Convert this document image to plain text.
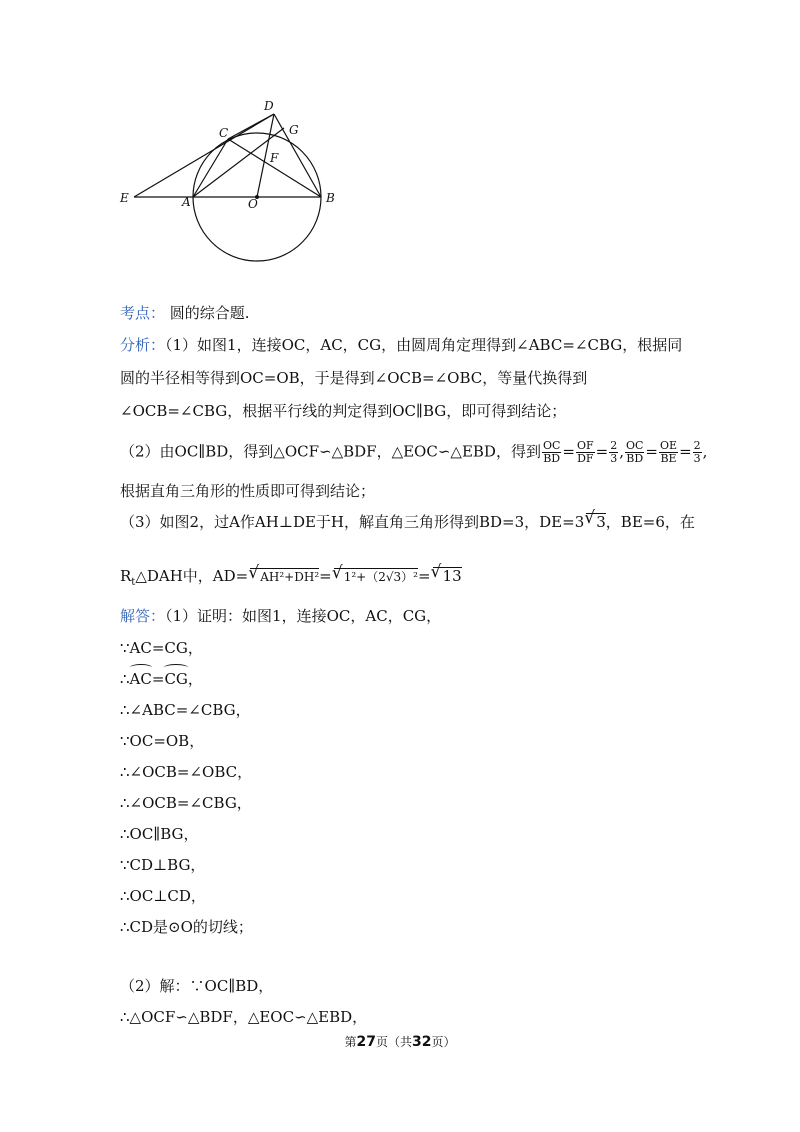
D
C	G
F
E	A	O	B
考点： 圆的综合题.
分析：（1）如图1，连接OC，AC，CG，由圆周角定理得到∠ABC=∠CBG，根据同
圆的半径相等得到OC=OB，于是得到∠OCB=∠OBC，等量代换得到
∠OCB=∠CBG，根据平行线的判定得到OC∥BG，即可得到结论；
（2）由OC∥BD，得到△OCF∽△BDF，△EOC∽△EBD，得到 $\frac{OC}{BD} = \frac{OF}{DF} = \frac{2}{3}$ , $\frac{OC}{BD} = \frac{OE}{BE} = \frac{2}{3}$ ,
根据直角三角形的性质即可得到结论；
（3）如图2，过A作AH⊥DE于H，解直角三角形得到BD=3，DE=3 √ 3，BE=6，在
$R_t\triangle DAH$中，AD= √ AH²+DH²= √ 1²+（2√3）²= √ 13
解答：（1）证明：如图1，连接OC，AC，CG，
∵AC=CG，
∴AC=CG，
∴∠ABC=∠CBG，
∵OC=OB，
∴∠OCB=∠OBC，
∴∠OCB=∠CBG，
∴OC∥BG，
∵CD⊥BG，
∴OC⊥CD，
∴CD是⊙O的切线；
（2）解：∵OC∥BD，
∴△OCF∽△BDF，△EOC∽△EBD，
第27页（共32页）
